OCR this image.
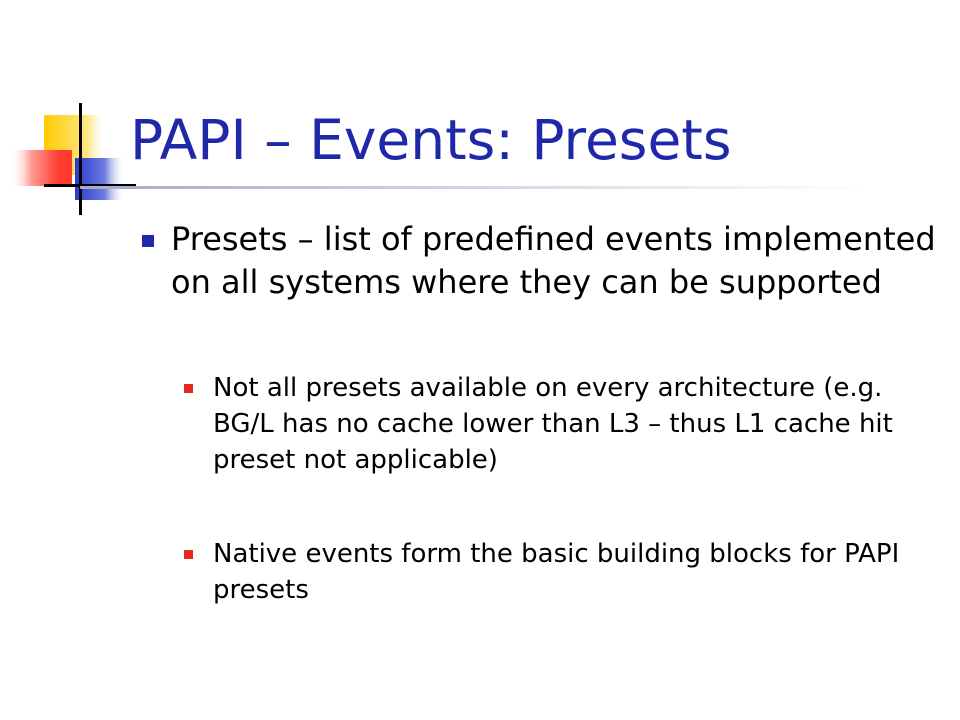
PAPI – Events: Presets
Presets – list of predefined events implemented on all systems where they can be supported
Not all presets available on every architecture (e.g. BG/L has no cache lower than L3 – thus L1 cache hit preset not applicable)
Native events form the basic building blocks for PAPI presets
